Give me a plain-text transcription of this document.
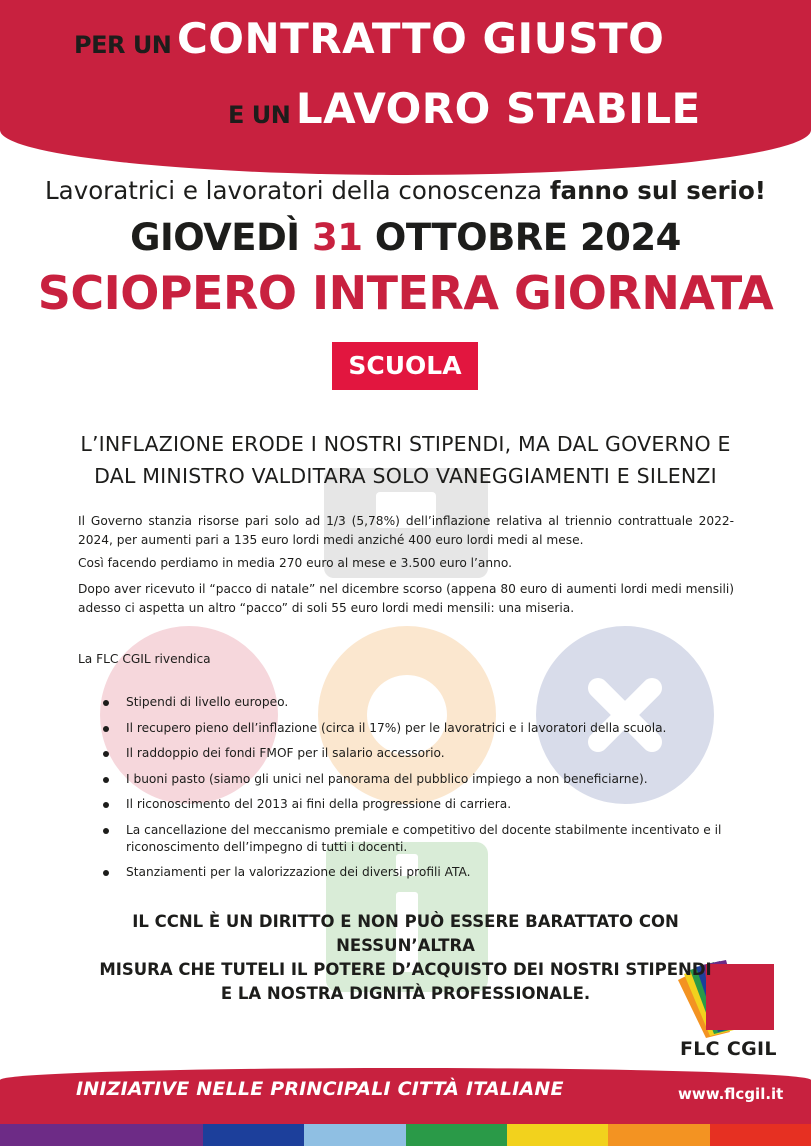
PER UN CONTRATTO GIUSTO
E UN LAVORO STABILE
Lavoratrici e lavoratori della conoscenza fanno sul serio!
GIOVEDÌ 31 OTTOBRE 2024
SCIOPERO INTERA GIORNATA
SCUOLA
L’INFLAZIONE ERODE I NOSTRI STIPENDI, MA DAL GOVERNO E
DAL MINISTRO VALDITARA SOLO VANEGGIAMENTI E SILENZI
Il Governo stanzia risorse pari solo ad 1/3 (5,78%) dell’inflazione relativa al triennio contrattuale 2022-2024, per aumenti pari a 135 euro lordi medi anziché 400 euro lordi medi al mese.
Così facendo perdiamo in media 270 euro al mese e 3.500 euro l’anno.
Dopo aver ricevuto il “pacco di natale” nel dicembre scorso (appena 80 euro di aumenti lordi medi mensili) adesso ci aspetta un altro “pacco” di soli 55 euro lordi medi mensili: una miseria.
La FLC CGIL rivendica
Stipendi di livello europeo.
Il recupero pieno dell’inflazione (circa il 17%) per le lavoratrici e i lavoratori della scuola.
Il raddoppio dei fondi FMOF per il salario accessorio.
I buoni pasto (siamo gli unici nel panorama del pubblico impiego a non beneficiarne).
Il riconoscimento del 2013 ai fini della progressione di carriera.
La cancellazione del meccanismo premiale e competitivo del docente stabilmente incentivato e il riconoscimento dell’impegno di tutti i docenti.
Stanziamenti per la valorizzazione dei diversi profili ATA.
IL CCNL È UN DIRITTO E NON PUÒ ESSERE BARATTATO CON NESSUN’ALTRA
MISURA CHE TUTELI IL POTERE D’ACQUISTO DEI NOSTRI STIPENDI
E LA NOSTRA DIGNITÀ PROFESSIONALE.
FLC CGIL
INIZIATIVE NELLE PRINCIPALI CITTÀ ITALIANE	www.flcgil.it
